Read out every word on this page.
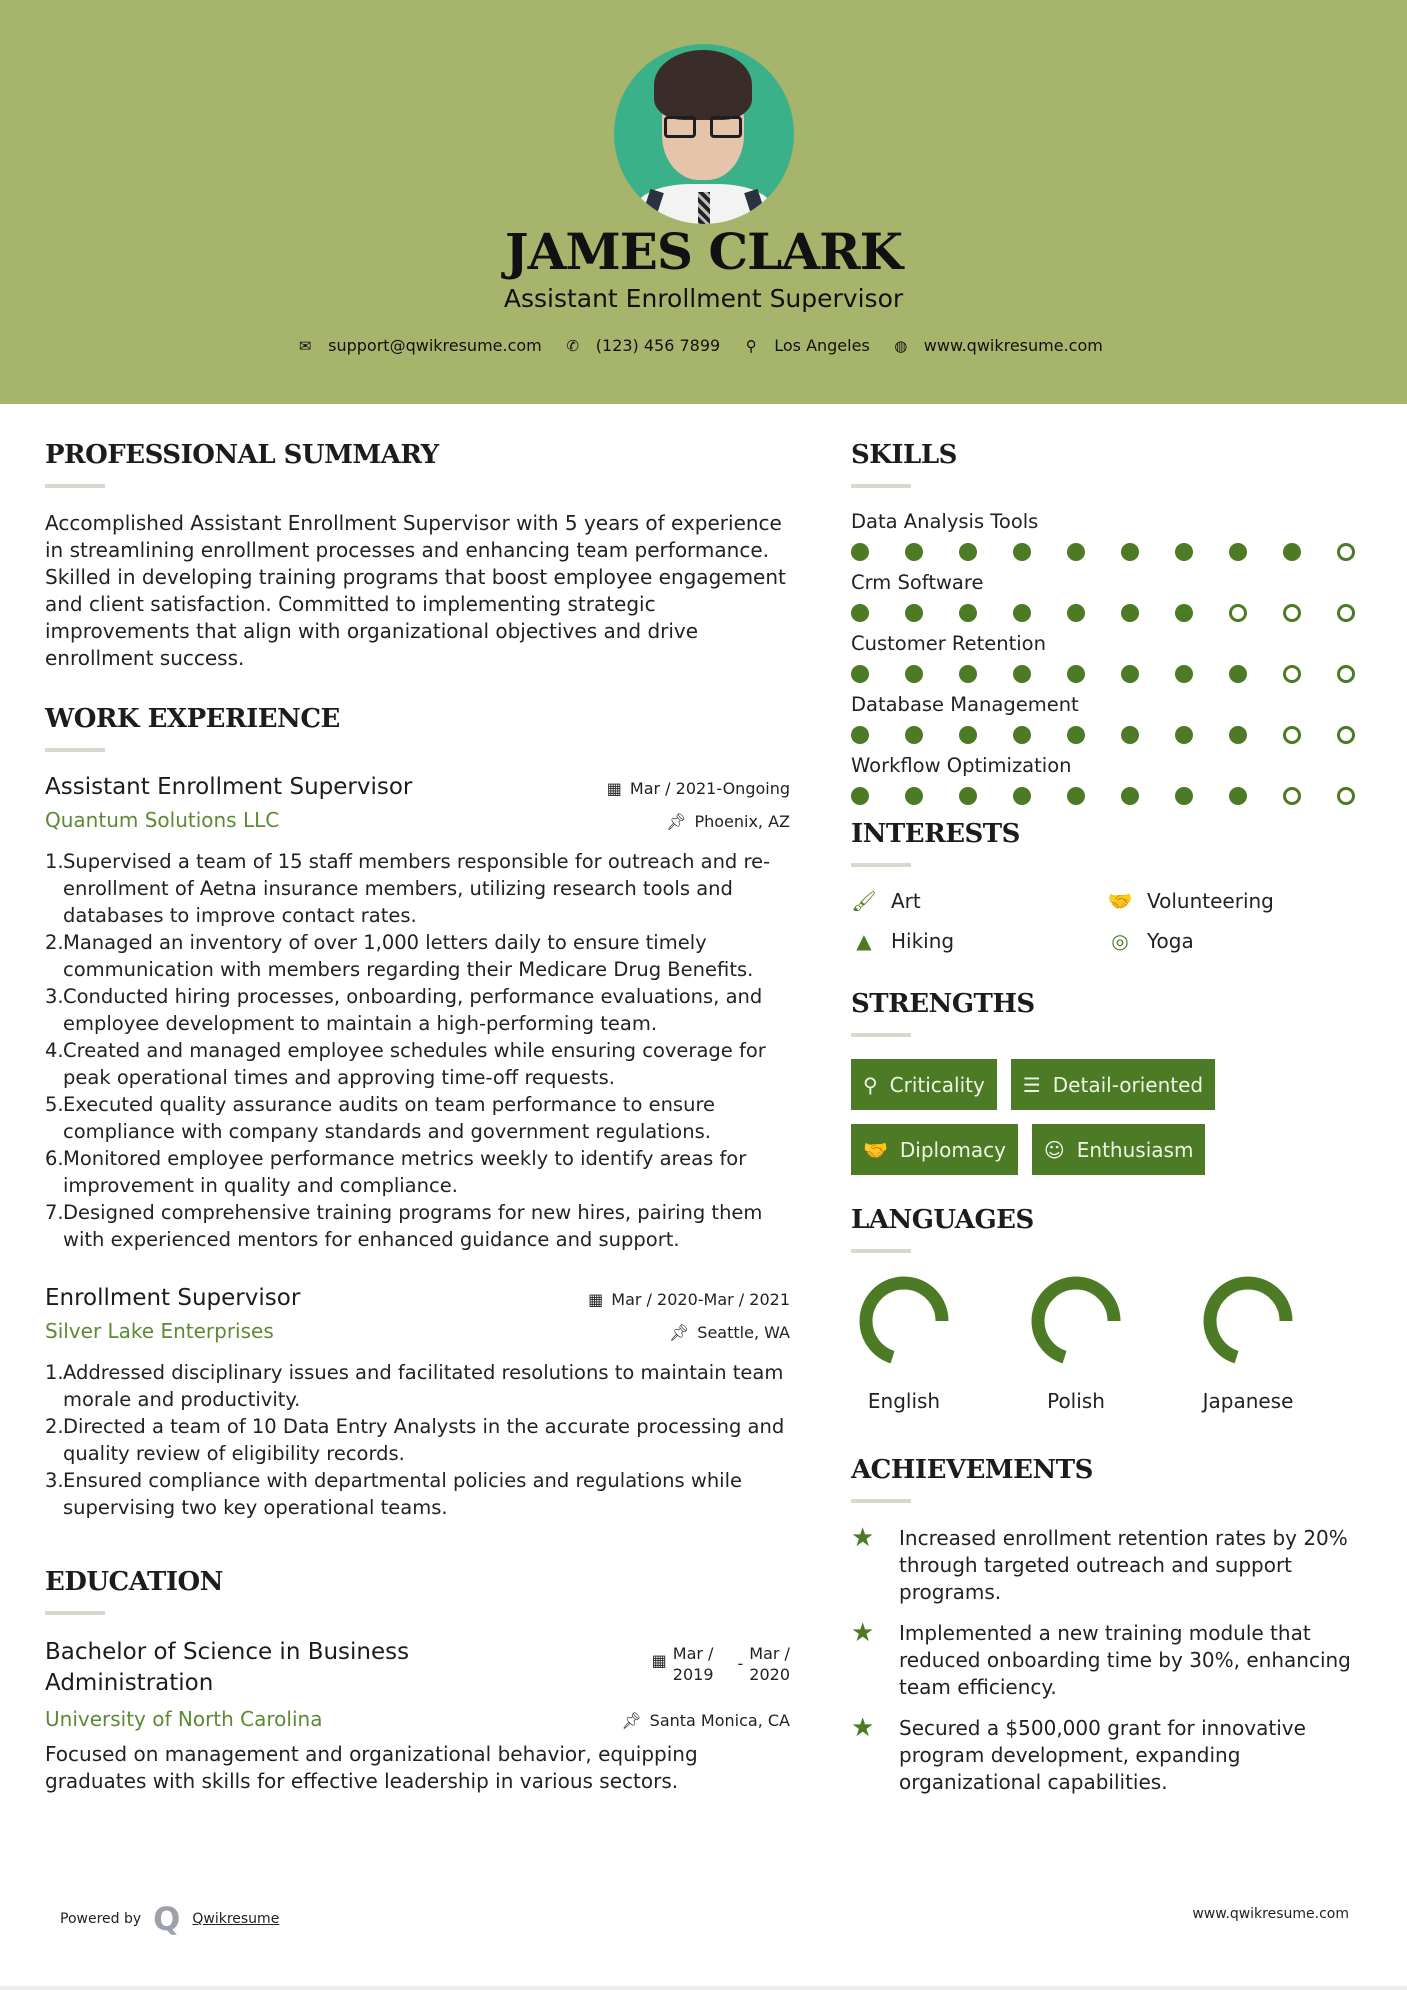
JAMES CLARK
Assistant Enrollment Supervisor
✉ support@qwikresume.com ✆ (123) 456 7899 ⚲ Los Angeles ◍ www.qwikresume.com
PROFESSIONAL SUMMARY

Accomplished Assistant Enrollment Supervisor with 5 years of experience in streamlining enrollment processes and enhancing team performance. Skilled in developing training programs that boost employee engagement and client satisfaction. Committed to implementing strategic improvements that align with organizational objectives and drive enrollment success.

WORK EXPERIENCE
Assistant Enrollment Supervisor	▦ Mar / 2021-Ongoing
Quantum Solutions LLC	📌︎ Phoenix, AZ
1. Supervised a team of 15 staff members responsible for outreach and re-enrollment of Aetna insurance members, utilizing research tools and databases to improve contact rates.
2. Managed an inventory of over 1,000 letters daily to ensure timely communication with members regarding their Medicare Drug Benefits.
3. Conducted hiring processes, onboarding, performance evaluations, and employee development to maintain a high-performing team.
4. Created and managed employee schedules while ensuring coverage for peak operational times and approving time-off requests.
5. Executed quality assurance audits on team performance to ensure compliance with company standards and government regulations.
6. Monitored employee performance metrics weekly to identify areas for improvement in quality and compliance.
7. Designed comprehensive training programs for new hires, pairing them with experienced mentors for enhanced guidance and support.
Enrollment Supervisor	▦ Mar / 2020-Mar / 2021
Silver Lake Enterprises	📌︎ Seattle, WA
1. Addressed disciplinary issues and facilitated resolutions to maintain team morale and productivity.
2. Directed a team of 10 Data Entry Analysts in the accurate processing and quality review of eligibility records.
3. Ensured compliance with departmental policies and regulations while supervising two key operational teams.
EDUCATION
Bachelor of Science in Business Administration
▦ Mar /
2019
-
Mar /
2020
University of North Carolina	📌︎ Santa Monica, CA

Focused on management and organizational behavior, equipping graduates with skills for effective leadership in various sectors.

SKILLS
Data Analysis Tools
Crm Software
Customer Retention
Database Management
Workflow Optimization
INTERESTS
🖌 Art	🤝 Volunteering
▲ Hiking	◎ Yoga
STRENGTHS
⚲ Criticality ☰ Detail-oriented
🤝 Diplomacy ☺ Enthusiasm
LANGUAGES
English	Polish	Japanese
ACHIEVEMENTS
★	Increased enrollment retention rates by 20% through targeted outreach and support programs.
★	Implemented a new training module that reduced onboarding time by 30%, enhancing team efficiency.
★	Secured a $500,000 grant for innovative program development, expanding organizational capabilities.
Powered by Q Qwikresume	www.qwikresume.com
